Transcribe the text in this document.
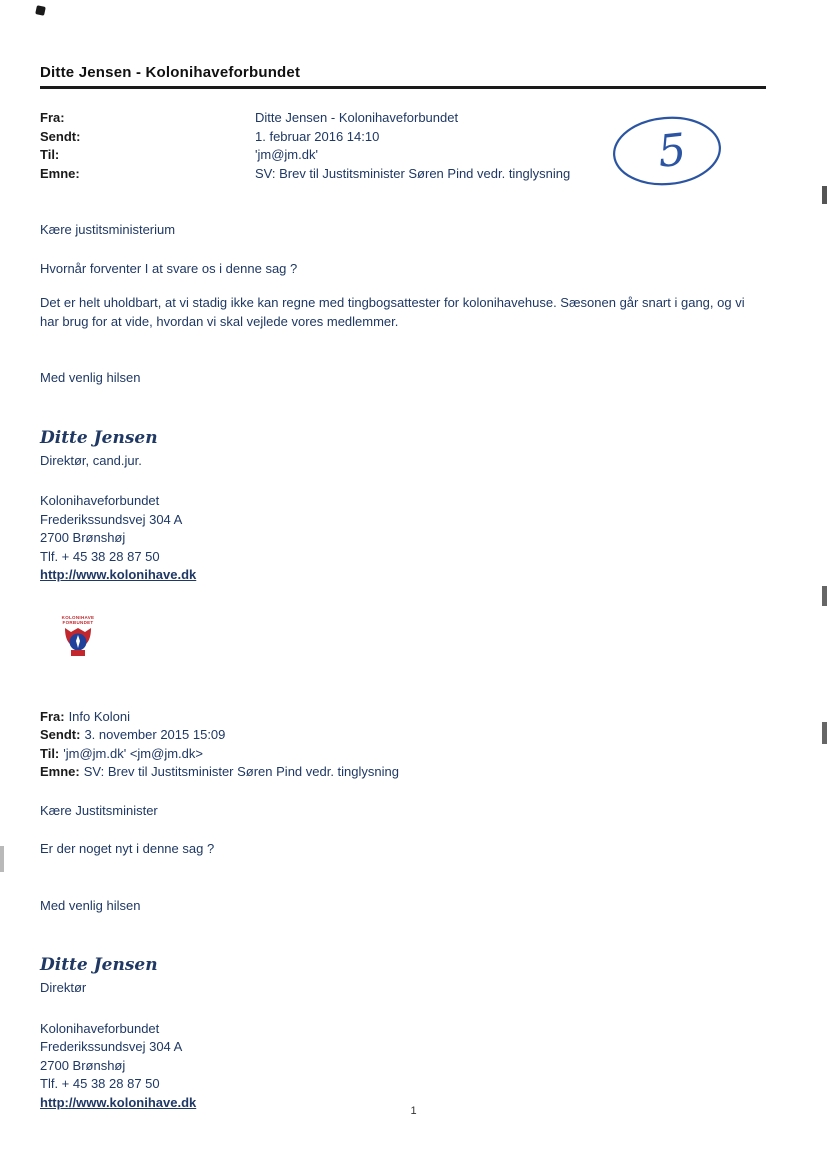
5
Ditte Jensen - Kolonihaveforbundet
Fra:	Ditte Jensen - Kolonihaveforbundet
Sendt:	1. februar 2016 14:10
Til:	'jm@jm.dk'
Emne:	SV: Brev til Justitsminister Søren Pind vedr. tinglysning
Kære justitsministerium
Hvornår forventer I at svare os i denne sag ?
Det er helt uholdbart, at vi stadig ikke kan regne med tingbogsattester for kolonihavehuse. Sæsonen går snart i gang, og vi har brug for at vide, hvordan vi skal vejlede vores medlemmer.
Med venlig hilsen
Ditte Jensen
Direktør, cand.jur.
Kolonihaveforbundet
Frederikssundsvej 304 A
2700 Brønshøj
Tlf. + 45 38 28 87 50
http://www.kolonihave.dk
KOLONIHAVE
FORBUNDET
Fra: Info Koloni
Sendt: 3. november 2015 15:09
Til: 'jm@jm.dk' <jm@jm.dk>
Emne: SV: Brev til Justitsminister Søren Pind vedr. tinglysning
Kære Justitsminister
Er der noget nyt i denne sag ?
Med venlig hilsen
Ditte Jensen
Direktør
Kolonihaveforbundet
Frederikssundsvej 304 A
2700 Brønshøj
Tlf. + 45 38 28 87 50
http://www.kolonihave.dk
1
